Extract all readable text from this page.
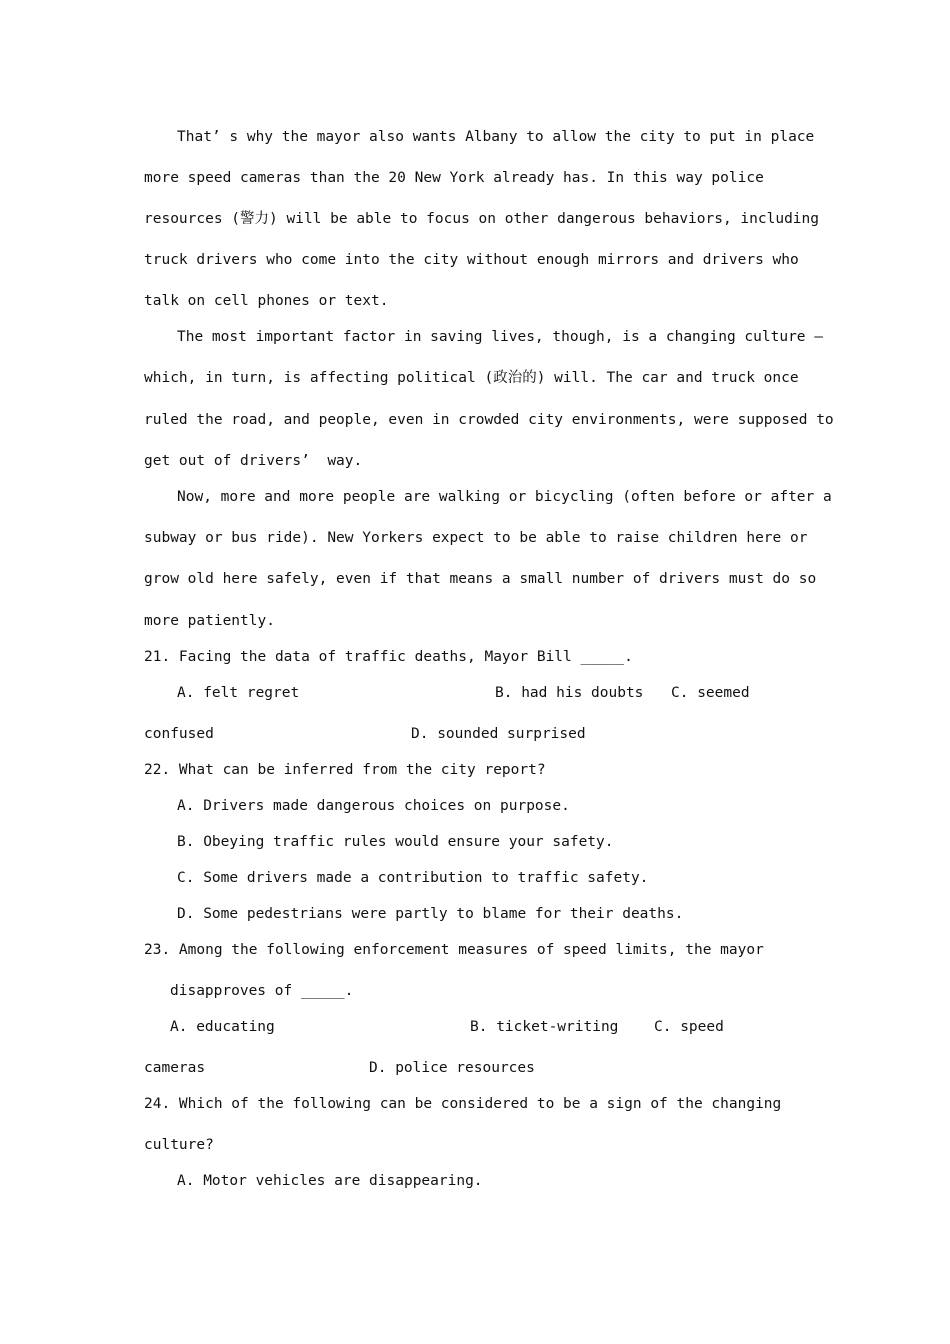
That’ s why the mayor also wants Albany to allow the city to put in place
more speed cameras than the 20 New York already has. In this way police
resources (警力) will be able to focus on other dangerous behaviors, including
truck drivers who come into the city without enough mirrors and drivers who
talk on cell phones or text.
The most important factor in saving lives, though, is a changing culture —
which, in turn, is affecting political (政治的) will. The car and truck once
ruled the road, and people, even in crowded city environments, were supposed to
get out of drivers’  way.
Now, more and more people are walking or bicycling (often before or after a
subway or bus ride). New Yorkers expect to be able to raise children here or
grow old here safely, even if that means a small number of drivers must do so
more patiently.
21. Facing the data of traffic deaths, Mayor Bill _____.
A. felt regret	B. had his doubts C. seemed
confused	D. sounded surprised
22. What can be inferred from the city report?
A. Drivers made dangerous choices on purpose.
B. Obeying traffic rules would ensure your safety.
C. Some drivers made a contribution to traffic safety.
D. Some pedestrians were partly to blame for their deaths.
23. Among the following enforcement measures of speed limits, the mayor
disapproves of _____.
A. educating	B. ticket-writing C. speed
cameras	D. police resources
24. Which of the following can be considered to be a sign of the changing
culture?
A. Motor vehicles are disappearing.
